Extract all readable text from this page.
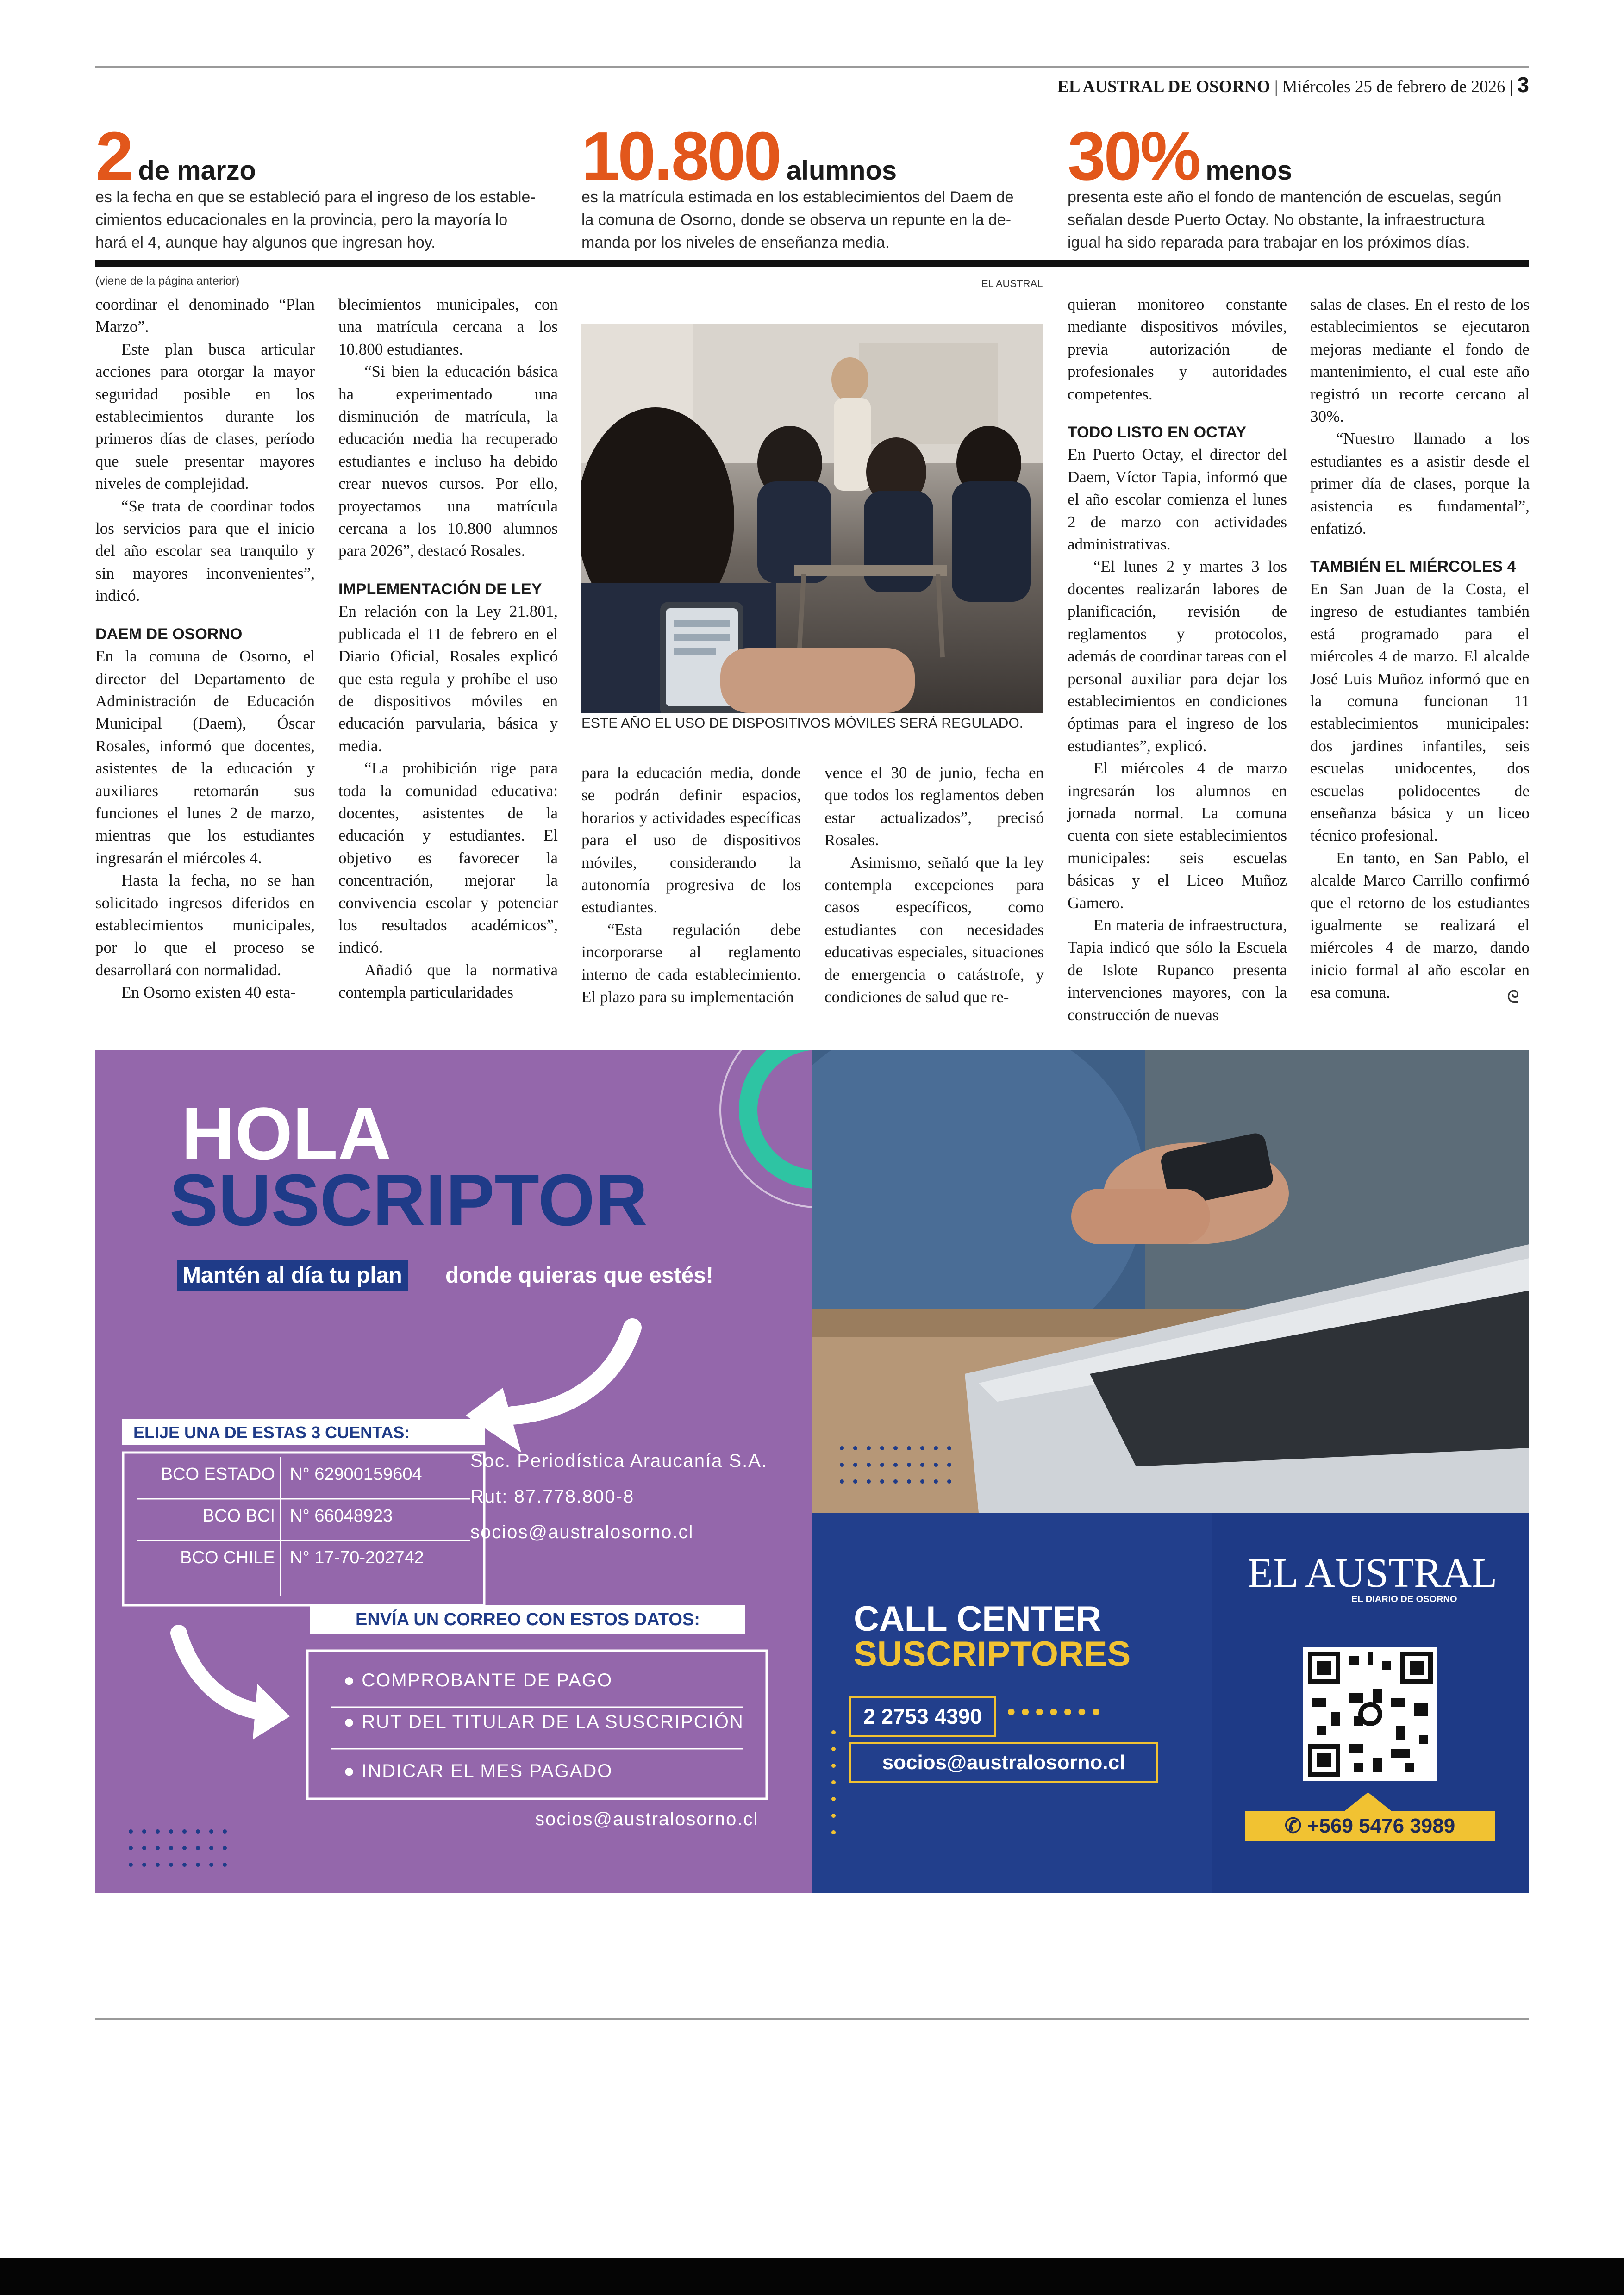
EL AUSTRAL DE OSORNO | Miércoles 25 de febrero de 2026 | 3
2 de marzo
es la fecha en que se estableció para el ingreso de los estable-
cimientos educacionales en la provincia, pero la mayoría lo
hará el 4, aunque hay algunos que ingresan hoy.
10.800 alumnos
es la matrícula estimada en los establecimientos del Daem de
la comuna de Osorno, donde se observa un repunte en la de-
manda por los niveles de enseñanza media.
30% menos
presenta este año el fondo de mantención de escuelas, según
señalan desde Puerto Octay. No obstante, la infraestructura
igual ha sido reparada para trabajar en los próximos días.
(viene de la página anterior)	EL AUSTRAL

coordinar el denominado “Plan Marzo”.

Este plan busca articular acciones para otorgar la mayor seguridad posible en los establecimientos durante los primeros días de clases, período que suele presentar mayores niveles de complejidad.

“Se trata de coordinar todos los servicios para que el inicio del año escolar sea tranquilo y sin mayores inconvenientes”, indicó.

DAEM DE OSORNO

En la comuna de Osorno, el director del Departamento de Administración de Educación Municipal (Daem), Óscar Rosales, informó que docentes, asistentes de la educación y auxiliares retomarán sus funciones el lunes 2 de marzo, mientras que los estudiantes ingresarán el miércoles 4.

Hasta la fecha, no se han solicitado ingresos diferidos en establecimientos municipales, por lo que el proceso se desarrollará con normalidad.

En Osorno existen 40 esta-

blecimientos municipales, con una matrícula cercana a los 10.800 estudiantes.

“Si bien la educación básica ha experimentado una disminución de matrícula, la educación media ha recuperado estudiantes e incluso ha debido crear nuevos cursos. Por ello, proyectamos una matrícula cercana a los 10.800 alumnos para 2026”, destacó Rosales.

IMPLEMENTACIÓN DE LEY

En relación con la Ley 21.801, publicada el 11 de febrero en el Diario Oficial, Rosales explicó que esta regula y prohíbe el uso de dispositivos móviles en educación parvularia, básica y media.

“La prohibición rige para toda la comunidad educativa: docentes, asistentes de la educación y estudiantes. El objetivo es favorecer la concentración, mejorar la convivencia escolar y potenciar los resultados académicos”, indicó.

Añadió que la normativa contempla particularidades

ESTE AÑO EL USO DE DISPOSITIVOS MÓVILES SERÁ REGULADO.

para la educación media, donde se podrán definir espacios, horarios y actividades específicas para el uso de dispositivos móviles, considerando la autonomía progresiva de los estudiantes.

“Esta regulación debe incorporarse al reglamento interno de cada establecimiento. El plazo para su implementación

vence el 30 de junio, fecha en que todos los reglamentos deben estar actualizados”, precisó Rosales.

Asimismo, señaló que la ley contempla excepciones para casos específicos, como estudiantes con necesidades educativas especiales, situaciones de emergencia o catástrofe, y condiciones de salud que re-

quieran monitoreo constante mediante dispositivos móviles, previa autorización de profesionales y autoridades competentes.

TODO LISTO EN OCTAY

En Puerto Octay, el director del Daem, Víctor Tapia, informó que el año escolar comienza el lunes 2 de marzo con actividades administrativas.

“El lunes 2 y martes 3 los docentes realizarán labores de planificación, revisión de reglamentos y protocolos, además de coordinar tareas con el personal auxiliar para dejar los establecimientos en condiciones óptimas para el ingreso de los estudiantes”, explicó.

El miércoles 4 de marzo ingresarán los alumnos en jornada normal. La comuna cuenta con siete establecimientos municipales: seis escuelas básicas y el Liceo Muñoz Gamero.

En materia de infraestructura, Tapia indicó que sólo la Escuela de Islote Rupanco presenta intervenciones mayores, con la construcción de nuevas

salas de clases. En el resto de los establecimientos se ejecutaron mejoras mediante el fondo de mantenimiento, el cual este año registró un recorte cercano al 30%.

“Nuestro llamado a los estudiantes es a asistir desde el primer día de clases, porque la asistencia es fundamental”, enfatizó.

TAMBIÉN EL MIÉRCOLES 4

En San Juan de la Costa, el ingreso de estudiantes también está programado para el miércoles 4 de marzo. El alcalde José Luis Muñoz informó que en la comuna funcionan 11 establecimientos municipales: dos jardines infantiles, seis escuelas unidocentes, dos escuelas polidocentes de enseñanza básica y un liceo técnico profesional.

En tanto, en San Pablo, el alcalde Marco Carrillo confirmó que el retorno de los estudiantes igualmente se realizará el miércoles 4 de marzo, dando inicio formal al año escolar en esa comuna.	ᘓ
HOLA
SUSCRIPTOR
Mantén al día tu plan donde quieras que estés!
ELIJE UNA DE ESTAS 3 CUENTAS:
BCO ESTADO N° 62900159604
BCO BCI N° 66048923
BCO CHILE N° 17-70-202742
Soc. Periodística Araucanía S.A.
Rut: 87.778.800-8
socios@australosorno.cl
ENVÍA UN CORREO CON ESTOS DATOS:
● COMPROBANTE DE PAGO
● RUT DEL TITULAR DE LA SUSCRIPCIÓN
● INDICAR EL MES PAGADO
socios@australosorno.cl

CALL CENTER
SUSCRIPTORES
2 2753 4390	●●●●●●●
socios@australosorno.cl

EL AUSTRAL
EL DIARIO DE OSORNO
✆ +569 5476 3989
